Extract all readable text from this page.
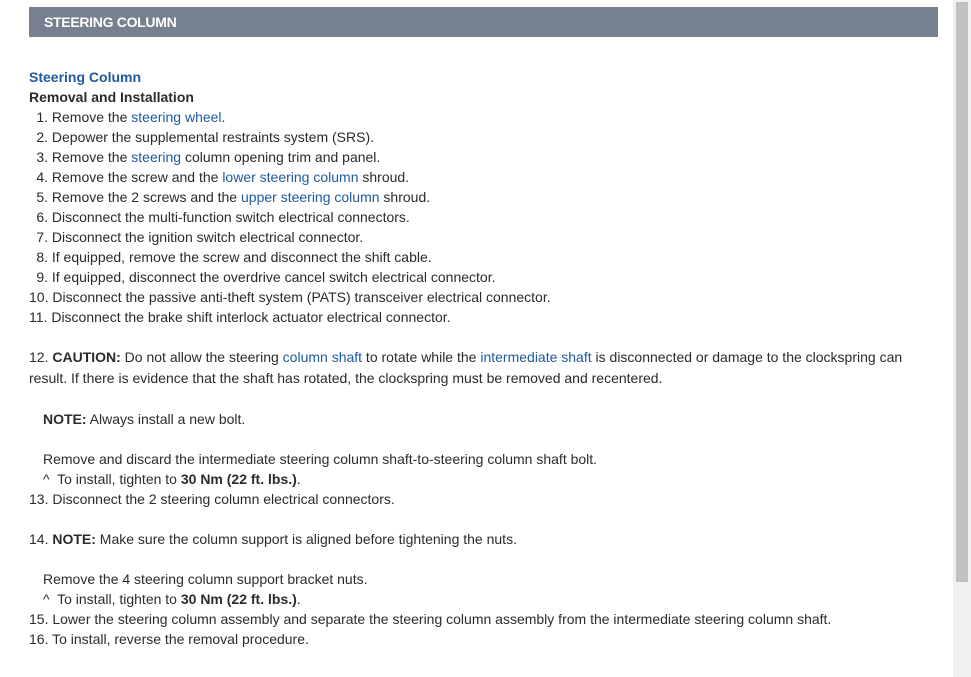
STEERING COLUMN
Steering Column
Removal and Installation
1. Remove the steering wheel.
2. Depower the supplemental restraints system (SRS).
3. Remove the steering column opening trim and panel.
4. Remove the screw and the lower steering column shroud.
5. Remove the 2 screws and the upper steering column shroud.
6. Disconnect the multi-function switch electrical connectors.
7. Disconnect the ignition switch electrical connector.
8. If equipped, remove the screw and disconnect the shift cable.
9. If equipped, disconnect the overdrive cancel switch electrical connector.
10. Disconnect the passive anti-theft system (PATS) transceiver electrical connector.
11. Disconnect the brake shift interlock actuator electrical connector.
12. CAUTION: Do not allow the steering column shaft to rotate while the intermediate shaft is disconnected or damage to the clockspring can result. If there is evidence that the shaft has rotated, the clockspring must be removed and recentered.
NOTE: Always install a new bolt.
Remove and discard the intermediate steering column shaft-to-steering column shaft bolt.
^ To install, tighten to 30 Nm (22 ft. lbs.).
13. Disconnect the 2 steering column electrical connectors.
14. NOTE: Make sure the column support is aligned before tightening the nuts.
Remove the 4 steering column support bracket nuts.
^ To install, tighten to 30 Nm (22 ft. lbs.).
15. Lower the steering column assembly and separate the steering column assembly from the intermediate steering column shaft.
16. To install, reverse the removal procedure.
